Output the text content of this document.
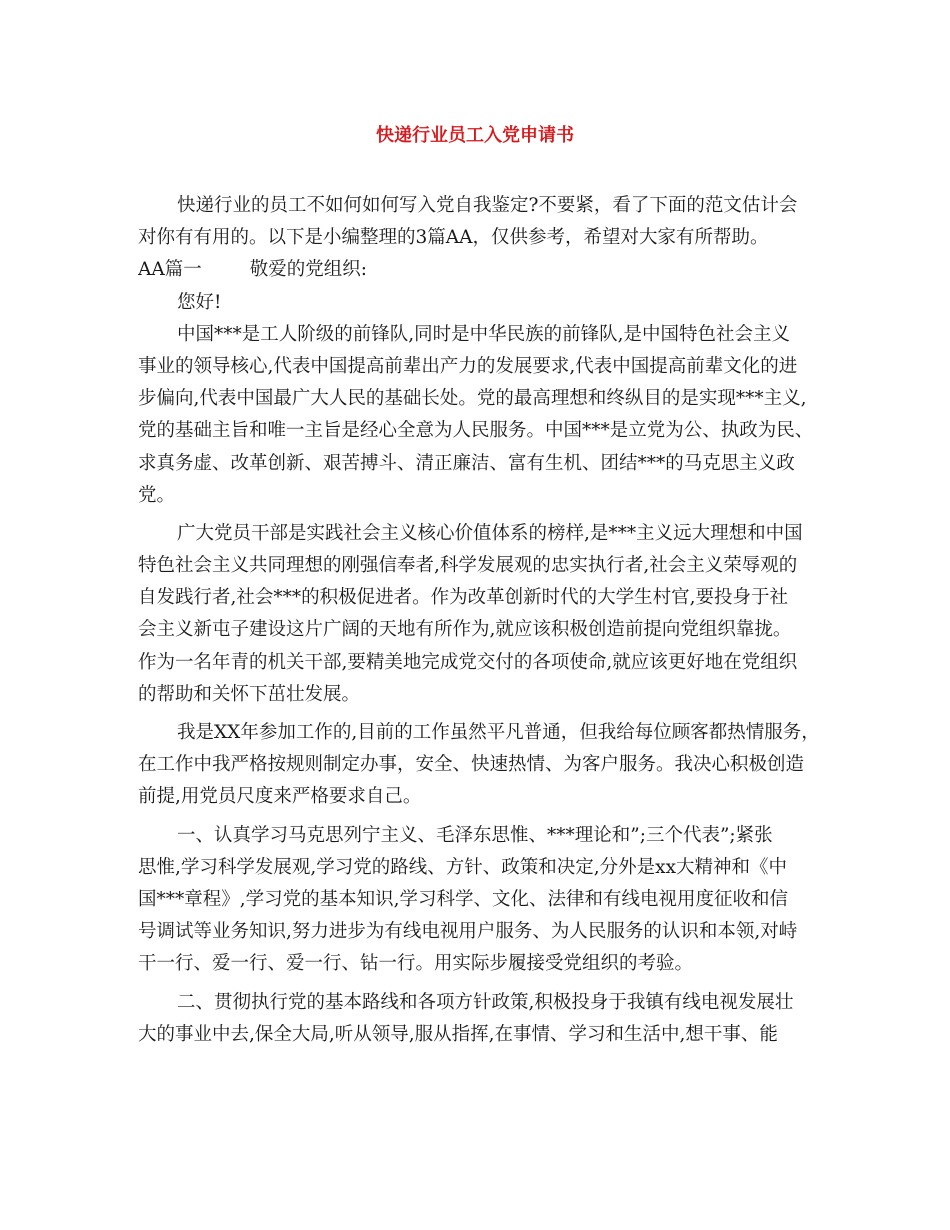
快递行业员工入党申请书
快递行业的员工不如何如何写入党自我鉴定?不要紧，看了下面的范文估计会
对你有有用的。以下是小编整理的3篇AA，仅供参考，希望对大家有所帮助。
AA篇一	敬爱的党组织:
您好!
中国***是工人阶级的前锋队,同时是中华民族的前锋队,是中国特色社会主义
事业的领导核心,代表中国提高前辈出产力的发展要求,代表中国提高前辈文化的进
步偏向,代表中国最广大人民的基础长处。党的最高理想和终纵目的是实现***主义,
党的基础主旨和唯一主旨是经心全意为人民服务。中国***是立党为公、执政为民、
求真务虚、改革创新、艰苦搏斗、清正廉洁、富有生机、团结***的马克思主义政
党。
广大党员干部是实践社会主义核心价值体系的榜样,是***主义远大理想和中国
特色社会主义共同理想的刚强信奉者,科学发展观的忠实执行者,社会主义荣辱观的
自发践行者,社会***的积极促进者。作为改革创新时代的大学生村官,要投身于社
会主义新屯子建设这片广阔的天地有所作为,就应该积极创造前提向党组织靠拢。
作为一名年青的机关干部,要精美地完成党交付的各项使命,就应该更好地在党组织
的帮助和关怀下茁壮发展。
我是XX年参加工作的,目前的工作虽然平凡普通，但我给每位顾客都热情服务，
在工作中我严格按规则制定办事，安全、快速热情、为客户服务。我决心积极创造
前提,用党员尺度来严格要求自己。
一、认真学习马克思列宁主义、毛泽东思惟、***理论和”;三个代表”;紧张
思惟,学习科学发展观,学习党的路线、方针、政策和决定,分外是xx大精神和《中
国***章程》,学习党的基本知识,学习科学、文化、法律和有线电视用度征收和信
号调试等业务知识,努力进步为有线电视用户服务、为人民服务的认识和本领,对峙
干一行、爱一行、爱一行、钻一行。用实际步履接受党组织的考验。
二、贯彻执行党的基本路线和各项方针政策,积极投身于我镇有线电视发展壮
大的事业中去,保全大局,听从领导,服从指挥,在事情、学习和生活中,想干事、能
